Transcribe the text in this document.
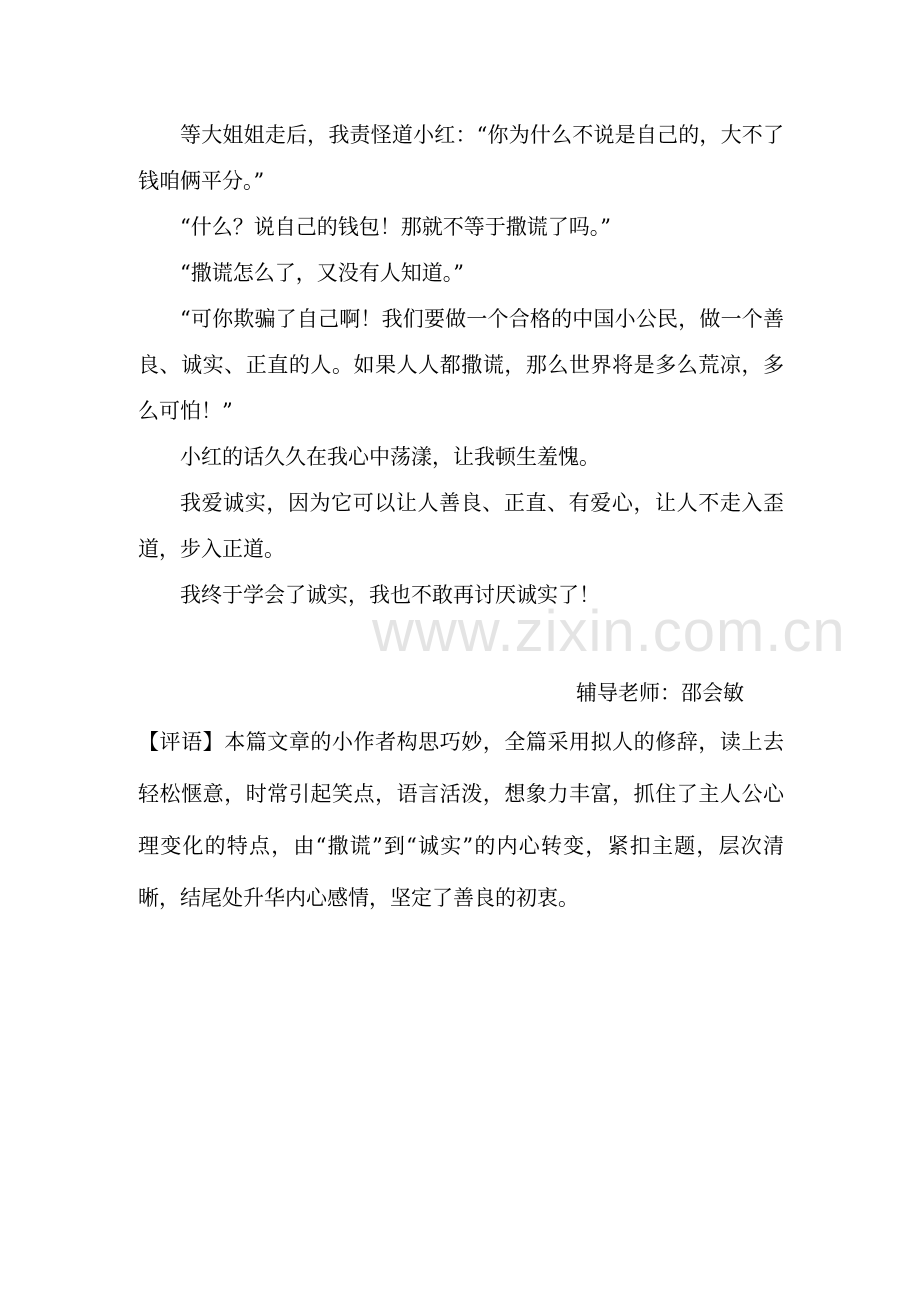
等大姐姐走后，我责怪道小红：“你为什么不说是自己的，大不了钱咱俩平分。”

“什么？说自己的钱包！那就不等于撒谎了吗。”

“撒谎怎么了，又没有人知道。”

“可你欺骗了自己啊！我们要做一个合格的中国小公民，做一个善良、诚实、正直的人。如果人人都撒谎，那么世界将是多么荒凉，多么可怕！”

小红的话久久在我心中荡漾，让我顿生羞愧。

我爱诚实，因为它可以让人善良、正直、有爱心，让人不走入歪道，步入正道。

我终于学会了诚实，我也不敢再讨厌诚实了！

辅导老师：邵会敏

【评语】本篇文章的小作者构思巧妙，全篇采用拟人的修辞，读上去轻松惬意，时常引起笑点，语言活泼，想象力丰富，抓住了主人公心理变化的特点，由“撒谎”到“诚实”的内心转变，紧扣主题，层次清晰，结尾处升华内心感情，坚定了善良的初衷。

www.zixin.com.cn
